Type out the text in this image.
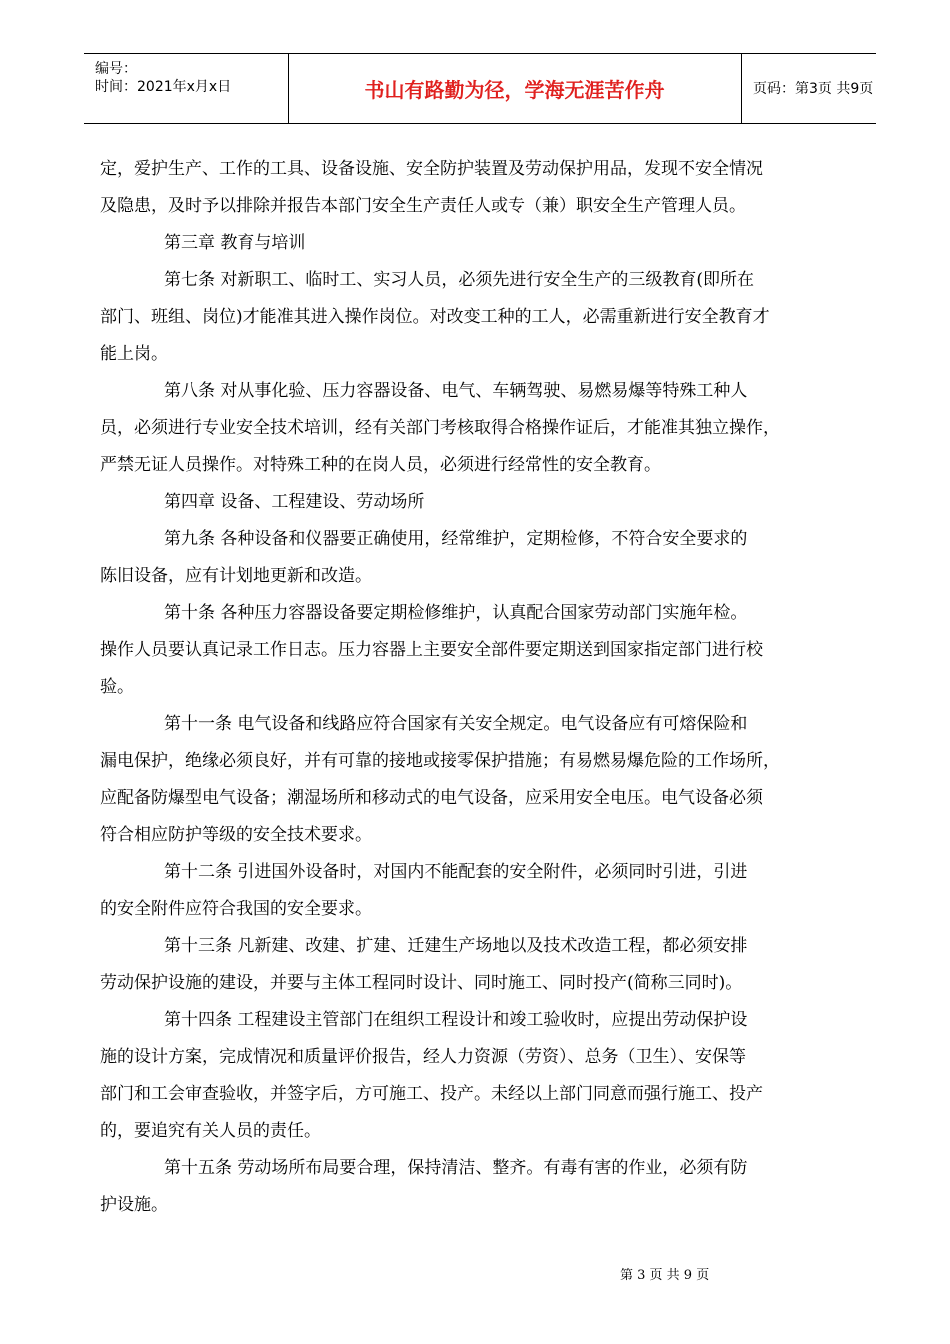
编号：
时间：2021年x月x日	书山有路勤为径，学海无涯苦作舟	页码：第3页 共9页
定，爱护生产、工作的工具、设备设施、安全防护装置及劳动保护用品，发现不安全情况
及隐患，及时予以排除并报告本部门安全生产责任人或专（兼）职安全生产管理人员。
第三章 教育与培训
第七条 对新职工、临时工、实习人员，必须先进行安全生产的三级教育(即所在
部门、班组、岗位)才能准其进入操作岗位。对改变工种的工人，必需重新进行安全教育才
能上岗。
第八条 对从事化验、压力容器设备、电气、车辆驾驶、易燃易爆等特殊工种人
员，必须进行专业安全技术培训，经有关部门考核取得合格操作证后，才能准其独立操作，
严禁无证人员操作。对特殊工种的在岗人员，必须进行经常性的安全教育。
第四章 设备、工程建设、劳动场所
第九条 各种设备和仪器要正确使用，经常维护，定期检修，不符合安全要求的
陈旧设备，应有计划地更新和改造。
第十条 各种压力容器设备要定期检修维护，认真配合国家劳动部门实施年检。
操作人员要认真记录工作日志。压力容器上主要安全部件要定期送到国家指定部门进行校
验。
第十一条 电气设备和线路应符合国家有关安全规定。电气设备应有可熔保险和
漏电保护，绝缘必须良好，并有可靠的接地或接零保护措施；有易燃易爆危险的工作场所，
应配备防爆型电气设备；潮湿场所和移动式的电气设备，应采用安全电压。电气设备必须
符合相应防护等级的安全技术要求。
第十二条 引进国外设备时，对国内不能配套的安全附件，必须同时引进，引进
的安全附件应符合我国的安全要求。
第十三条 凡新建、改建、扩建、迁建生产场地以及技术改造工程，都必须安排
劳动保护设施的建设，并要与主体工程同时设计、同时施工、同时投产(简称三同时)。
第十四条 工程建设主管部门在组织工程设计和竣工验收时，应提出劳动保护设
施的设计方案，完成情况和质量评价报告，经人力资源（劳资）、总务（卫生）、安保等
部门和工会审查验收，并签字后，方可施工、投产。未经以上部门同意而强行施工、投产
的，要追究有关人员的责任。
第十五条 劳动场所布局要合理，保持清洁、整齐。有毒有害的作业，必须有防
护设施。
第 3 页 共 9 页
